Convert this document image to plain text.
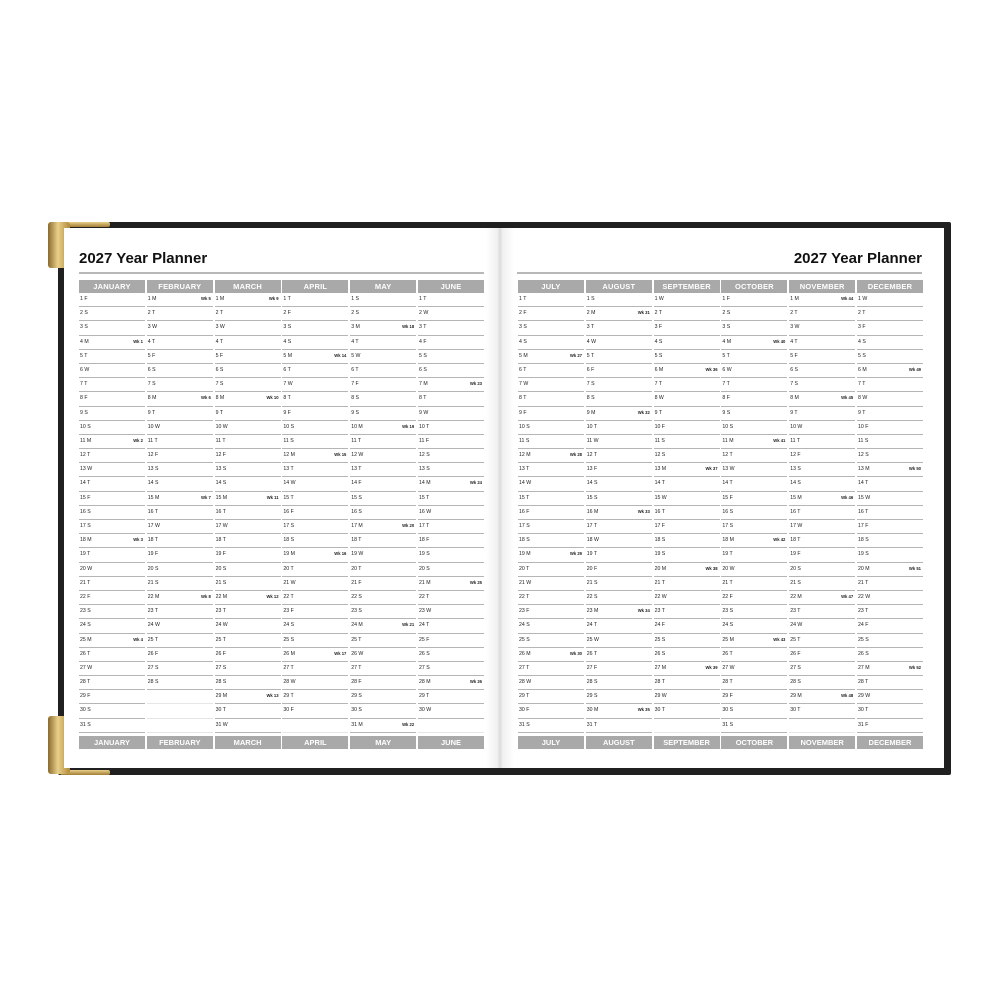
2027 Year Planner	2027 Year Planner
JANUARY
1 F
2 S
3 S
4 M	Wk 1
5 T
6 W
7 T
8 F
9 S
10 S
11 M	Wk 2
12 T
13 W
14 T
15 F
16 S
17 S
18 M	Wk 3
19 T
20 W
21 T
22 F
23 S
24 S
25 M	Wk 4
26 T
27 W
28 T
29 F
30 S
31 S
JANUARY
FEBRUARY
1 M	Wk 5
2 T
3 W
4 T
5 F
6 S
7 S
8 M	Wk 6
9 T
10 W
11 T
12 F
13 S
14 S
15 M	Wk 7
16 T
17 W
18 T
19 F
20 S
21 S
22 M	Wk 8
23 T
24 W
25 T
26 F
27 S
28 S
FEBRUARY
MARCH
1 M	Wk 9
2 T
3 W
4 T
5 F
6 S
7 S
8 M	Wk 10
9 T
10 W
11 T
12 F
13 S
14 S
15 M	Wk 11
16 T
17 W
18 T
19 F
20 S
21 S
22 M	Wk 12
23 T
24 W
25 T
26 F
27 S
28 S
29 M	Wk 13
30 T
31 W
MARCH
APRIL
1 T
2 F
3 S
4 S
5 M	Wk 14
6 T
7 W
8 T
9 F
10 S
11 S
12 M	Wk 15
13 T
14 W
15 T
16 F
17 S
18 S
19 M	Wk 16
20 T
21 W
22 T
23 F
24 S
25 S
26 M	Wk 17
27 T
28 W
29 T
30 F
APRIL
MAY
1 S
2 S
3 M	Wk 18
4 T
5 W
6 T
7 F
8 S
9 S
10 M	Wk 19
11 T
12 W
13 T
14 F
15 S
16 S
17 M	Wk 20
18 T
19 W
20 T
21 F
22 S
23 S
24 M	Wk 21
25 T
26 W
27 T
28 F
29 S
30 S
31 M	Wk 22
MAY
JUNE
1 T
2 W
3 T
4 F
5 S
6 S
7 M	Wk 23
8 T
9 W
10 T
11 F
12 S
13 S
14 M	Wk 24
15 T
16 W
17 T
18 F
19 S
20 S
21 M	Wk 25
22 T
23 W
24 T
25 F
26 S
27 S
28 M	Wk 26
29 T
30 W
JUNE
JULY
1 T
2 F
3 S
4 S
5 M	Wk 27
6 T
7 W
8 T
9 F
10 S
11 S
12 M	Wk 28
13 T
14 W
15 T
16 F
17 S
18 S
19 M	Wk 29
20 T
21 W
22 T
23 F
24 S
25 S
26 M	Wk 30
27 T
28 W
29 T
30 F
31 S
JULY
AUGUST
1 S
2 M	Wk 31
3 T
4 W
5 T
6 F
7 S
8 S
9 M	Wk 32
10 T
11 W
12 T
13 F
14 S
15 S
16 M	Wk 33
17 T
18 W
19 T
20 F
21 S
22 S
23 M	Wk 34
24 T
25 W
26 T
27 F
28 S
29 S
30 M	Wk 35
31 T
AUGUST
SEPTEMBER
1 W
2 T
3 F
4 S
5 S
6 M	Wk 36
7 T
8 W
9 T
10 F
11 S
12 S
13 M	Wk 37
14 T
15 W
16 T
17 F
18 S
19 S
20 M	Wk 38
21 T
22 W
23 T
24 F
25 S
26 S
27 M	Wk 39
28 T
29 W
30 T
SEPTEMBER
OCTOBER
1 F
2 S
3 S
4 M	Wk 40
5 T
6 W
7 T
8 F
9 S
10 S
11 M	Wk 41
12 T
13 W
14 T
15 F
16 S
17 S
18 M	Wk 42
19 T
20 W
21 T
22 F
23 S
24 S
25 M	Wk 43
26 T
27 W
28 T
29 F
30 S
31 S
OCTOBER
NOVEMBER
1 M	Wk 44
2 T
3 W
4 T
5 F
6 S
7 S
8 M	Wk 45
9 T
10 W
11 T
12 F
13 S
14 S
15 M	Wk 46
16 T
17 W
18 T
19 F
20 S
21 S
22 M	Wk 47
23 T
24 W
25 T
26 F
27 S
28 S
29 M	Wk 48
30 T
NOVEMBER
DECEMBER
1 W
2 T
3 F
4 S
5 S
6 M	Wk 49
7 T
8 W
9 T
10 F
11 S
12 S
13 M	Wk 50
14 T
15 W
16 T
17 F
18 S
19 S
20 M	Wk 51
21 T
22 W
23 T
24 F
25 S
26 S
27 M	Wk 52
28 T
29 W
30 T
31 F
DECEMBER
